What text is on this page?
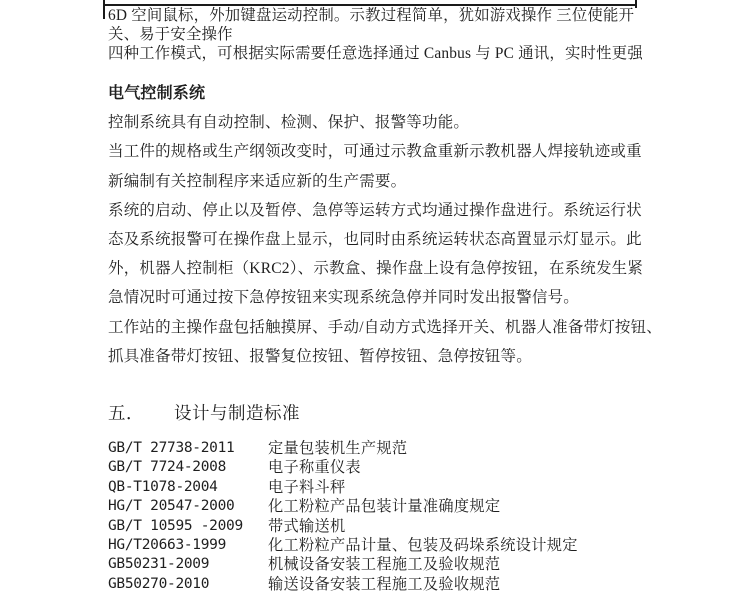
6D 空间鼠标，外加键盘运动控制。示教过程简单，犹如游戏操作 三位使能开
关、易于安全操作
四种工作模式，可根据实际需要任意选择通过 Canbus 与 PC 通讯，实时性更强
电气控制系统
控制系统具有自动控制、检测、保护、报警等功能。
当工件的规格或生产纲领改变时，可通过示教盒重新示教机器人焊接轨迹或重
新编制有关控制程序来适应新的生产需要。
系统的启动、停止以及暂停、急停等运转方式均通过操作盘进行。系统运行状
态及系统报警可在操作盘上显示，也同时由系统运转状态高置显示灯显示。此
外，机器人控制柜（KRC2）、示教盒、操作盘上设有急停按钮，在系统发生紧
急情况时可通过按下急停按钮来实现系统急停并同时发出报警信号。
工作站的主操作盘包括触摸屏、手动/自动方式选择开关、机器人准备带灯按钮、
抓具准备带灯按钮、报警复位按钮、暂停按钮、急停按钮等。
五． 设计与制造标准
GB/T 27738-2011 定量包装机生产规范
GB/T 7724-2008	电子称重仪表
QB-T1078-2004	电子料斗秤
HG/T 20547-2000 化工粉粒产品包装计量准确度规定
GB/T 10595 -2009 带式输送机
HG/T20663-1999	化工粉粒产品计量、包装及码垛系统设计规定
GB50231-2009	机械设备安装工程施工及验收规范
GB50270-2010	输送设备安装工程施工及验收规范
